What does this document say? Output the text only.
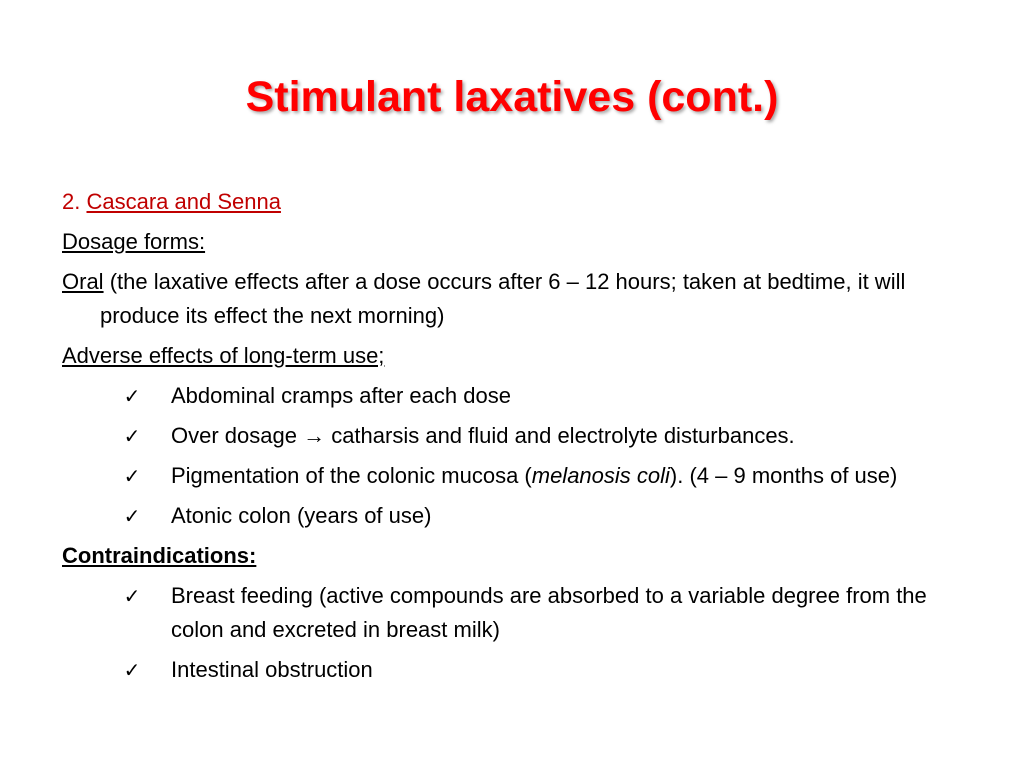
Stimulant laxatives (cont.)
2. Cascara and Senna
Dosage forms:
Oral (the laxative effects after a dose occurs after 6 – 12 hours; taken at bedtime, it will produce its effect the next morning)
Adverse effects of long-term use;
✓ Abdominal cramps after each dose
✓ Over dosage → catharsis and fluid and electrolyte disturbances.
✓ Pigmentation of the colonic mucosa (melanosis coli). (4 – 9 months of use)
✓ Atonic colon (years of use)
Contraindications:
✓ Breast feeding (active compounds are absorbed to a variable degree from the colon and excreted in breast milk)
✓ Intestinal obstruction
